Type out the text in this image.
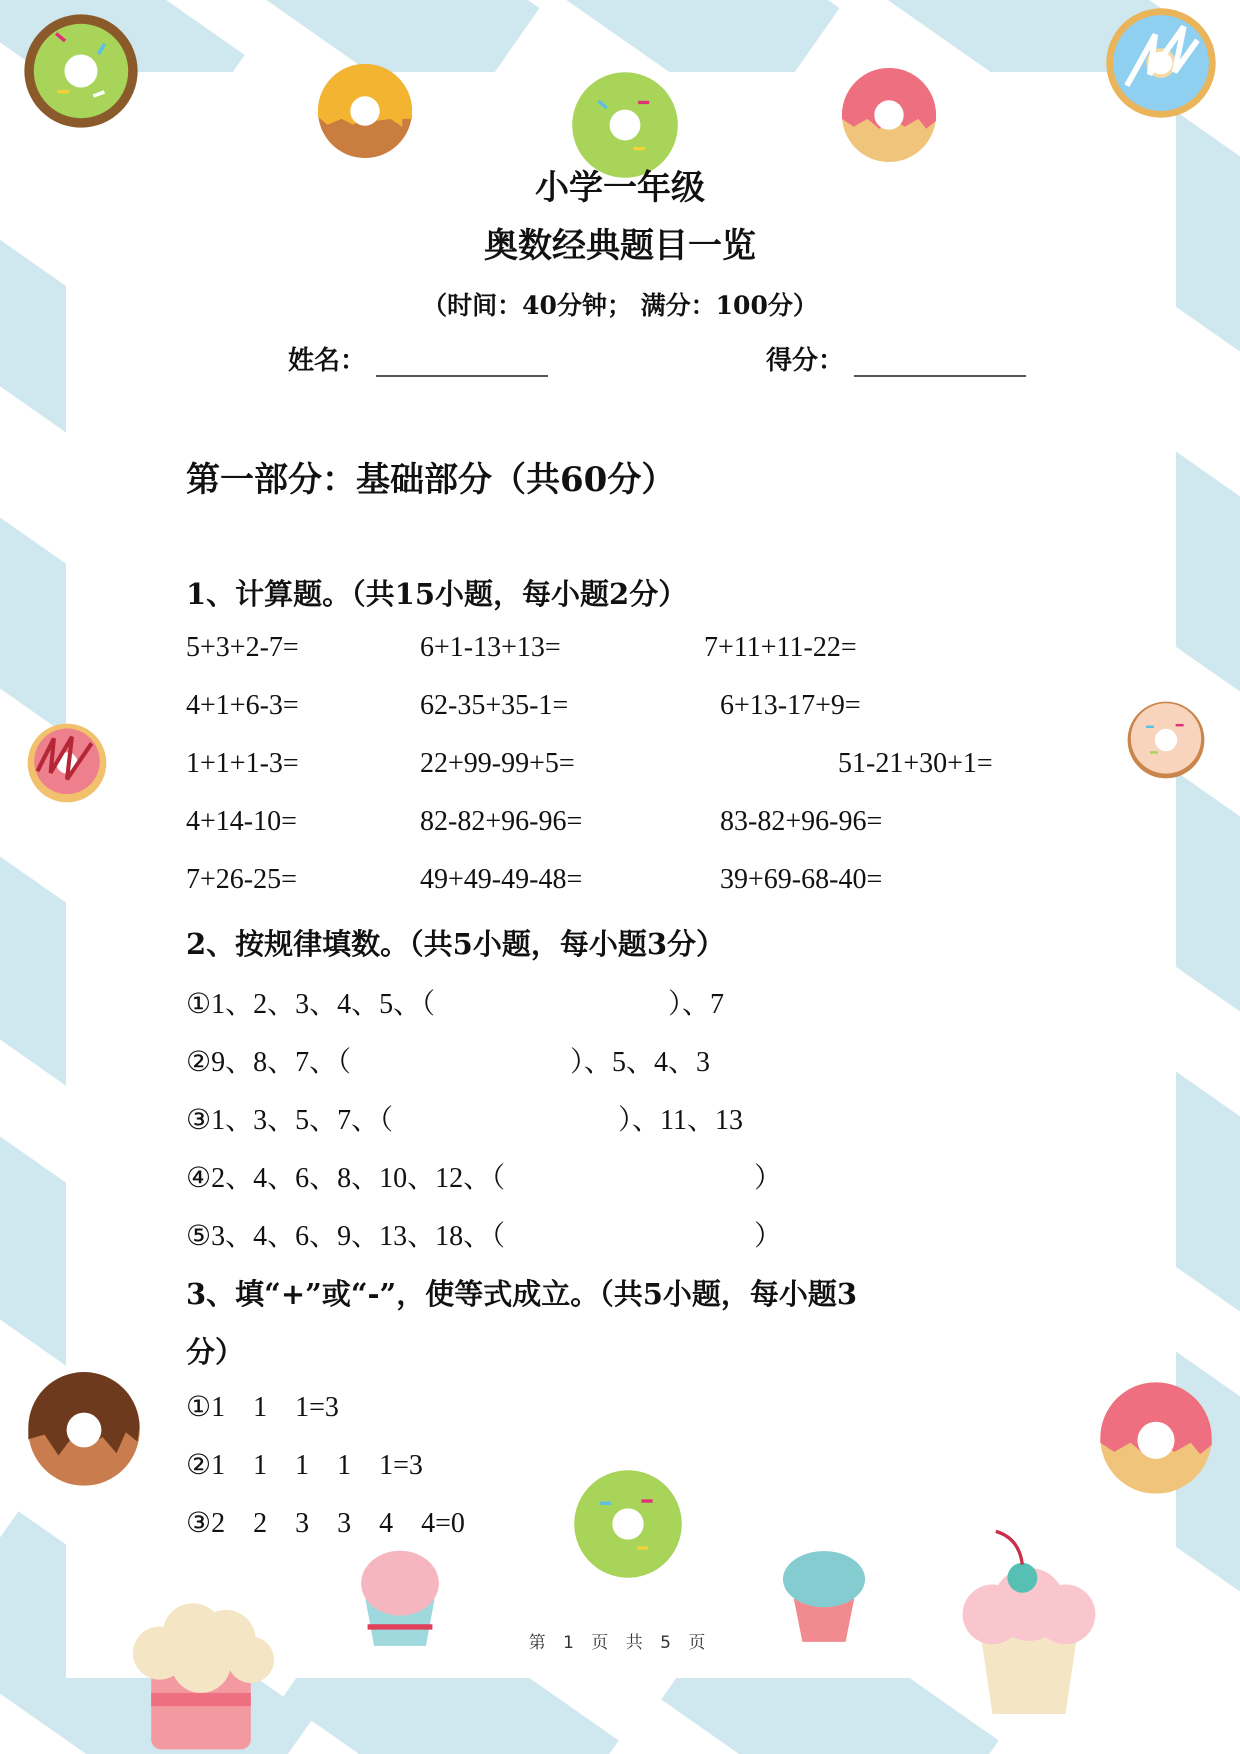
小学一年级
奥数经典题目一览
（时间：40分钟； 满分：100分）
姓名：	得分：
第一部分：基础部分（共60分）
1、计算题。（共15小题，每小题2分）
5+3+2-7=	6+1-13+13=	7+11+11-22=
4+1+6-3=	62-35+35-1=	6+13-17+9=
1+1+1-3=	22+99-99+5=	51-21+30+1=
4+14-10=	82-82+96-96=	83-82+96-96=
7+26-25=	49+49-49-48=	39+69-68-40=
2、按规律填数。（共5小题，每小题3分）
①1、2、3、4、5、（	）、7
②9、8、7、（	）、5、4、3
③1、3、5、7、（	）、11、13
④2、4、6、8、10、12、（	）
⑤3、4、6、9、13、18、（	）
3、填“+”或“-”，使等式成立。（共5小题，每小题3
分）
①1    1    1=3
②1    1    1    1    1=3
③2    2    3    3    4    4=0
第 1 页 共 5 页
